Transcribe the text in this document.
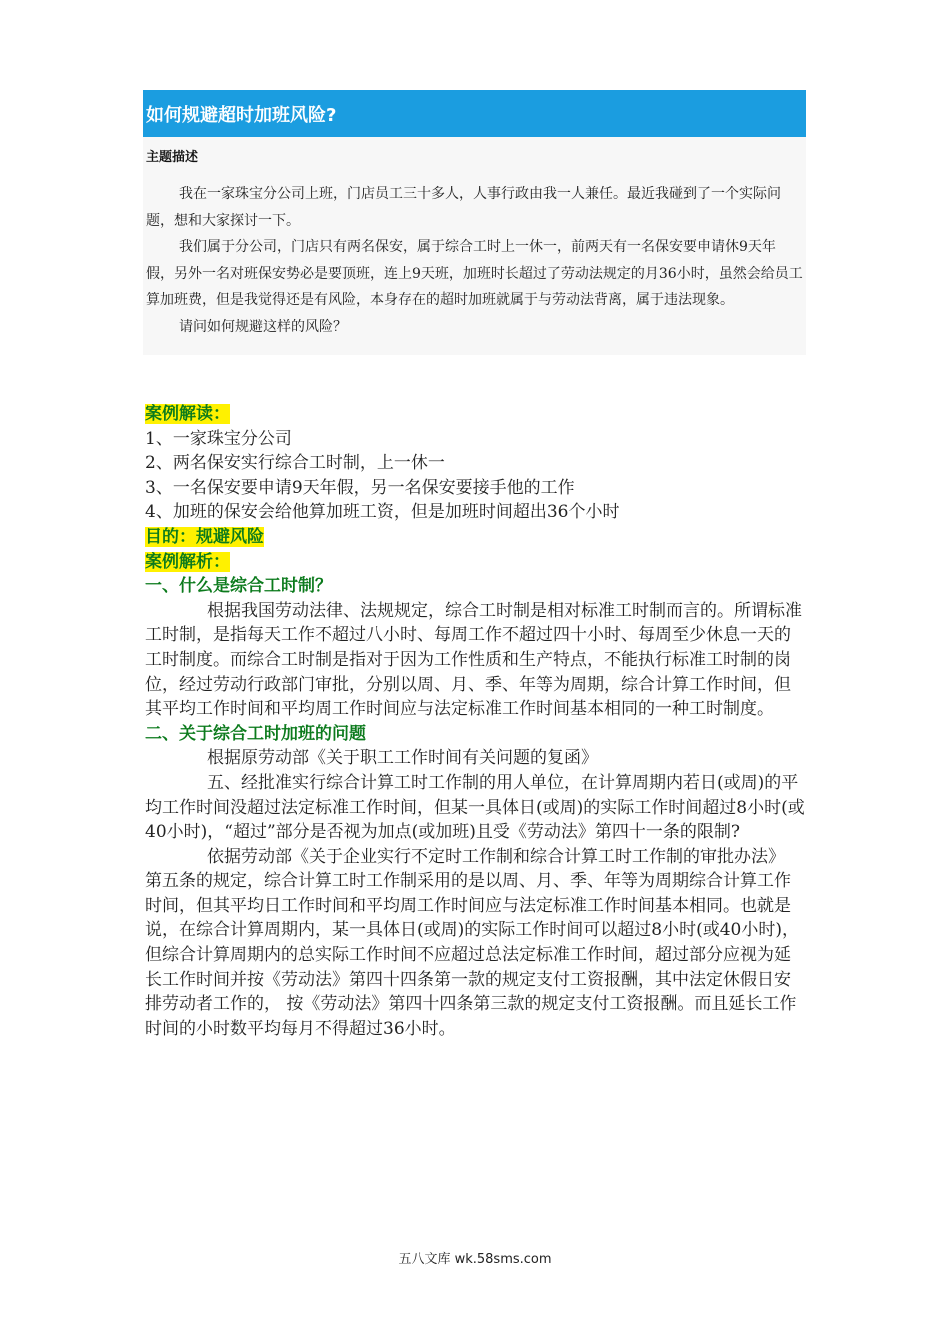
如何规避超时加班风险?
主题描述

我在一家珠宝分公司上班，门店员工三十多人，人事行政由我一人兼任。最近我碰到了一个实际问题，想和大家探讨一下。

我们属于分公司，门店只有两名保安，属于综合工时上一休一，前两天有一名保安要申请休9天年假，另外一名对班保安势必是要顶班，连上9天班，加班时长超过了劳动法规定的月36小时，虽然会给员工算加班费，但是我觉得还是有风险，本身存在的超时加班就属于与劳动法背离，属于违法现象。

请问如何规避这样的风险？

案例解读：
1、一家珠宝分公司
2、两名保安实行综合工时制，上一休一
3、一名保安要申请9天年假，另一名保安要接手他的工作
4、加班的保安会给他算加班工资，但是加班时间超出36个小时
目的：规避风险
案例解析：
一、什么是综合工时制？

根据我国劳动法律、法规规定，综合工时制是相对标准工时制而言的。所谓标准工时制，是指每天工作不超过八小时、每周工作不超过四十小时、每周至少休息一天的工时制度。而综合工时制是指对于因为工作性质和生产特点，不能执行标准工时制的岗位，经过劳动行政部门审批，分别以周、月、季、年等为周期，综合计算工作时间，但其平均工作时间和平均周工作时间应与法定标准工作时间基本相同的一种工时制度。

二、关于综合工时加班的问题

根据原劳动部《关于职工工作时间有关问题的复函》

五、经批准实行综合计算工时工作制的用人单位，在计算周期内若日(或周)的平均工作时间没超过法定标准工作时间，但某一具体日(或周)的实际工作时间超过8小时(或40小时)，“超过”部分是否视为加点(或加班)且受《劳动法》第四十一条的限制?

依据劳动部《关于企业实行不定时工作制和综合计算工时工作制的审批办法》

第五条的规定，综合计算工时工作制采用的是以周、月、季、年等为周期综合计算工作时间，但其平均日工作时间和平均周工作时间应与法定标准工作时间基本相同。也就是说，在综合计算周期内，某一具体日(或周)的实际工作时间可以超过8小时(或40小时)，但综合计算周期内的总实际工作时间不应超过总法定标准工作时间，超过部分应视为延长工作时间并按《劳动法》第四十四条第一款的规定支付工资报酬，其中法定休假日安排劳动者工作的， 按《劳动法》第四十四条第三款的规定支付工资报酬。而且延长工作时间的小时数平均每月不得超过36小时。

五八文库 wk.58sms.com
